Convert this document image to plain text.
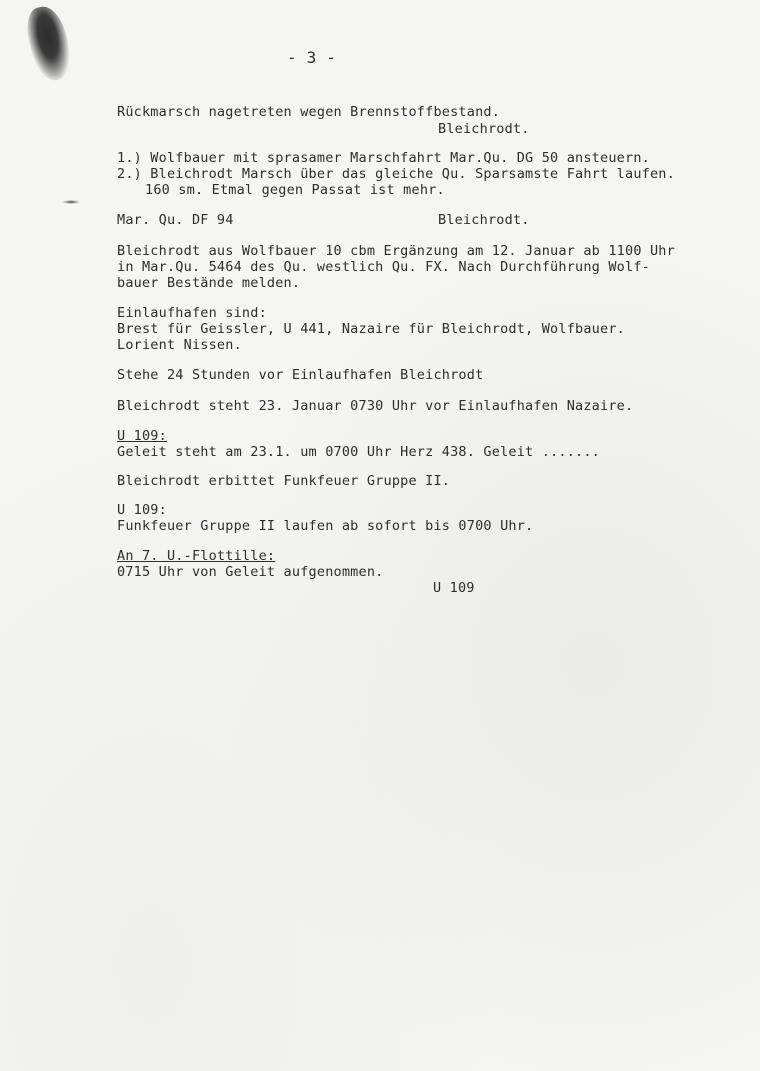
- 3 -
Rückmarsch nagetreten wegen Brennstoffbestand.
Bleichrodt.
1.) Wolfbauer mit sprasamer Marschfahrt Mar.Qu. DG 50 ansteuern.
2.) Bleichrodt Marsch über das gleiche Qu. Sparsamste Fahrt laufen.
160 sm. Etmal gegen Passat ist mehr.
Mar. Qu. DF 94	Bleichrodt.
Bleichrodt aus Wolfbauer 10 cbm Ergänzung am 12. Januar ab 1100 Uhr
in Mar.Qu. 5464 des Qu. westlich Qu. FX. Nach Durchführung Wolf-
bauer Bestände melden.
Einlaufhafen sind:
Brest für Geissler, U 441, Nazaire für Bleichrodt, Wolfbauer.
Lorient Nissen.
Stehe 24 Stunden vor Einlaufhafen Bleichrodt
Bleichrodt steht 23. Januar 0730 Uhr vor Einlaufhafen Nazaire.
U 109:
Geleit steht am 23.1. um 0700 Uhr Herz 438. Geleit .......
Bleichrodt erbittet Funkfeuer Gruppe II.
U 109:
Funkfeuer Gruppe II laufen ab sofort bis 0700 Uhr.
An 7. U.-Flottille:
0715 Uhr von Geleit aufgenommen.
U 109
